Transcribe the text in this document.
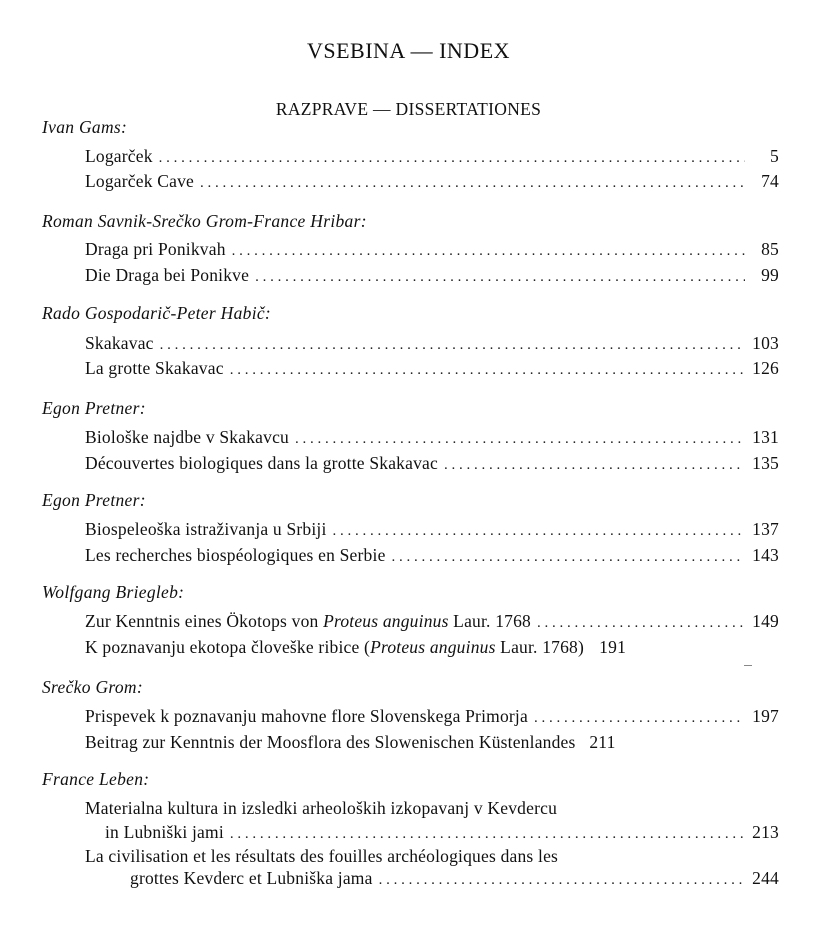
VSEBINA — INDEX
RAZPRAVE — DISSERTATIONES
Ivan Gams:
Logarček . . .	5
Logarček Cave . . .	74
Roman Savnik-Srečko Grom-France Hribar:
Draga pri Ponikvah . . .	85
Die Draga bei Ponikve . . .	99
Rado Gospodarič-Peter Habič:
Skakavac . . .	103
La grotte Skakavac . . .	126
Egon Pretner:
Biološke najdbe v Skakavcu . . .	131
Découvertes biologiques dans la grotte Skakavac . . .	135
Egon Pretner:
Biospeleoška istraživanja u Srbiji . . .	137
Les recherches biospéologiques en Serbie . . .	143
Wolfgang Briegleb:
Zur Kenntnis eines Ökotops von Proteus anguinus Laur. 1768 . . .	149
K poznavanju ekotopa človeške ribice (Proteus anguinus Laur. 1768) 191
Srečko Grom:
Prispevek k poznavanju mahovne flore Slovenskega Primorja . . .	197
Beitrag zur Kenntnis der Moosflora des Slowenischen Küstenlandes 211
France Leben:
Materialna kultura in izsledki arheoloških izkopavanj v Kevdercu
in Lubniški jami . . .	213
La civilisation et les résultats des fouilles archéologiques dans les
grottes Kevderc et Lubniška jama . . .	244
